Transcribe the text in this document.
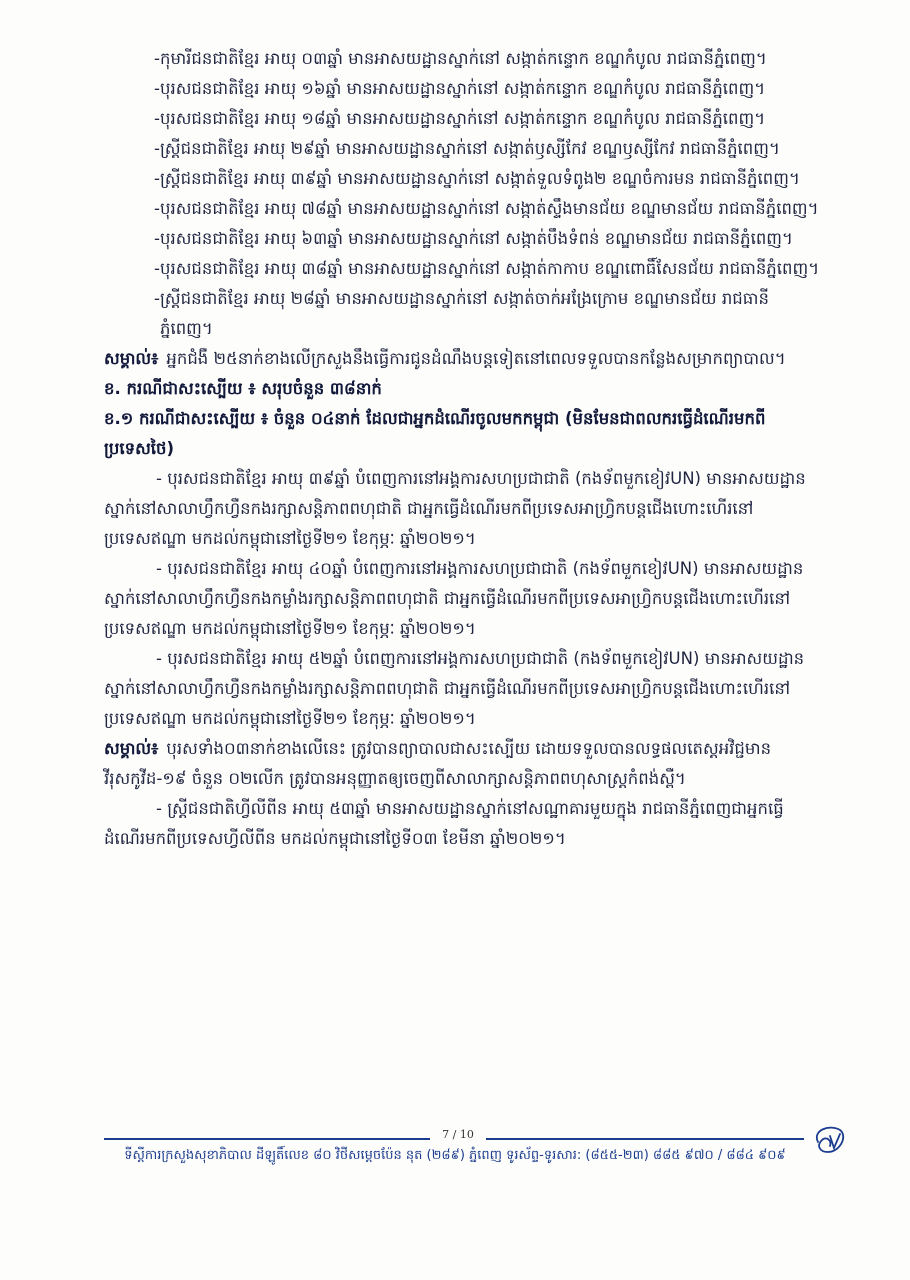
- កុមារីជនជាតិខ្មែរ អាយុ ០៣ឆ្នាំ មានអាសយដ្ឋានស្នាក់នៅ សង្កាត់កន្ទោក ខណ្ឌកំបូល រាជធានីភ្នំពេញ។
- បុរសជនជាតិខ្មែរ អាយុ ១៦ឆ្នាំ មានអាសយដ្ឋានស្នាក់នៅ សង្កាត់កន្ទោក ខណ្ឌកំបូល រាជធានីភ្នំពេញ។
- បុរសជនជាតិខ្មែរ អាយុ ១៨ឆ្នាំ មានអាសយដ្ឋានស្នាក់នៅ សង្កាត់កន្ទោក ខណ្ឌកំបូល រាជធានីភ្នំពេញ។
- ស្ត្រីជនជាតិខ្មែរ អាយុ ២៩ឆ្នាំ មានអាសយដ្ឋានស្នាក់នៅ សង្កាត់ឫស្សីកែវ ខណ្ឌឫស្សីកែវ រាជធានីភ្នំពេញ។
- ស្ត្រីជនជាតិខ្មែរ អាយុ ៣៩ឆ្នាំ មានអាសយដ្ឋានស្នាក់នៅ សង្កាត់ទួលទំពូង២ ខណ្ឌចំការមន រាជធានីភ្នំពេញ។
- បុរសជនជាតិខ្មែរ អាយុ ៧៨ឆ្នាំ មានអាសយដ្ឋានស្នាក់នៅ សង្កាត់ស្ទឹងមានជ័យ ខណ្ឌមានជ័យ រាជធានីភ្នំពេញ។
- បុរសជនជាតិខ្មែរ អាយុ ៦៣ឆ្នាំ មានអាសយដ្ឋានស្នាក់នៅ សង្កាត់បឹងទំពន់ ខណ្ឌមានជ័យ រាជធានីភ្នំពេញ។
- បុរសជនជាតិខ្មែរ អាយុ ៣៨ឆ្នាំ មានអាសយដ្ឋានស្នាក់នៅ សង្កាត់កាកាប ខណ្ឌពោធិ៍សែនជ័យ រាជធានីភ្នំពេញ។
- ស្ត្រីជនជាតិខ្មែរ អាយុ ២៨ឆ្នាំ មានអាសយដ្ឋានស្នាក់នៅ សង្កាត់ចាក់អង្រែក្រោម ខណ្ឌមានជ័យ រាជធានីភ្នំពេញ។

សម្គាល់៖ អ្នកជំងឺ ២៥នាក់ខាងលើក្រសួងនឹងធ្វើការជូនដំណឹងបន្តទៀតនៅពេលទទួលបានកន្លែងសម្រាកព្យាបាល។

ខ. ករណីជាសះស្បើយ ៖ សរុបចំនួន ៣៨នាក់

ខ.១ ករណីជាសះស្បើយ ៖ ចំនួន ០៤នាក់ ដែលជាអ្នកដំណើរចូលមកកម្ពុជា (មិនមែនជាពលករធ្វើដំណើរមកពីប្រទេសថៃ)

- បុរសជនជាតិខ្មែរ អាយុ ៣៩ឆ្នាំ បំពេញការនៅអង្គការសហប្រជាជាតិ (កងទ័ពមួកខៀវUN) មានអាសយដ្ឋានស្នាក់នៅសាលាហ្វឹកហ្វឺនកងរក្សាសន្តិភាពពហុជាតិ ជាអ្នកធ្វើដំណើរមកពីប្រទេសអាហ្វ្រិកបន្តជើងហោះហើរនៅប្រទេសឥណ្ឌា មកដល់កម្ពុជានៅថ្ងៃទី២១ ខែកុម្ភៈ ឆ្នាំ២០២១។

- បុរសជនជាតិខ្មែរ អាយុ ៤០ឆ្នាំ បំពេញការនៅអង្គការសហប្រជាជាតិ (កងទ័ពមួកខៀវUN) មានអាសយដ្ឋានស្នាក់នៅសាលាហ្វឹកហ្វឺនកងកម្លាំងរក្សាសន្តិភាពពហុជាតិ ជាអ្នកធ្វើដំណើរមកពីប្រទេសអាហ្វ្រិកបន្តជើងហោះហើរនៅប្រទេសឥណ្ឌា មកដល់កម្ពុជានៅថ្ងៃទី២១ ខែកុម្ភៈ ឆ្នាំ២០២១។

- បុរសជនជាតិខ្មែរ អាយុ ៥២ឆ្នាំ បំពេញការនៅអង្គការសហប្រជាជាតិ (កងទ័ពមួកខៀវUN) មានអាសយដ្ឋានស្នាក់នៅសាលាហ្វឹកហ្វឺនកងកម្លាំងរក្សាសន្តិភាពពហុជាតិ ជាអ្នកធ្វើដំណើរមកពីប្រទេសអាហ្វ្រិកបន្តជើងហោះហើរនៅប្រទេសឥណ្ឌា មកដល់កម្ពុជានៅថ្ងៃទី២១ ខែកុម្ភៈ ឆ្នាំ២០២១។

សម្គាល់៖ បុរសទាំង០៣នាក់ខាងលើនេះ ត្រូវបានព្យាបាលជាសះស្បើយ ដោយទទួលបានលទ្ធផលតេស្តអវិជ្ជមានវីរុសកូវីដ-១៩ ចំនួន ០២លើក ត្រូវបានអនុញ្ញាតឲ្យចេញពីសាលាក្សាសន្តិភាពពហុសាស្ត្រកំពង់ស្ពឺ។

- ស្ត្រីជនជាតិហ្វីលីពីន អាយុ ៥៣ឆ្នាំ មានអាសយដ្ឋានស្នាក់នៅសណ្ឋាគារមួយក្នុង រាជធានីភ្នំពេញជាអ្នកធ្វើដំណើរមកពីប្រទេសហ្វីលីពីន មកដល់កម្ពុជានៅថ្ងៃទី០៣ ខែមីនា ឆ្នាំ២០២១។

7 / 10
ទីស្តីការក្រសួងសុខាភិបាល ដីឡូតិ៍លេខ ៨០ វិថីសម្តេចប៉ែន នុត (២៨៩) ភ្នំពេញ ទូរស័ព្ទ-ទូរសារ: (៨៥៥-២៣) ៨៨៥ ៩៧០ / ៨៨៤ ៩០៩
